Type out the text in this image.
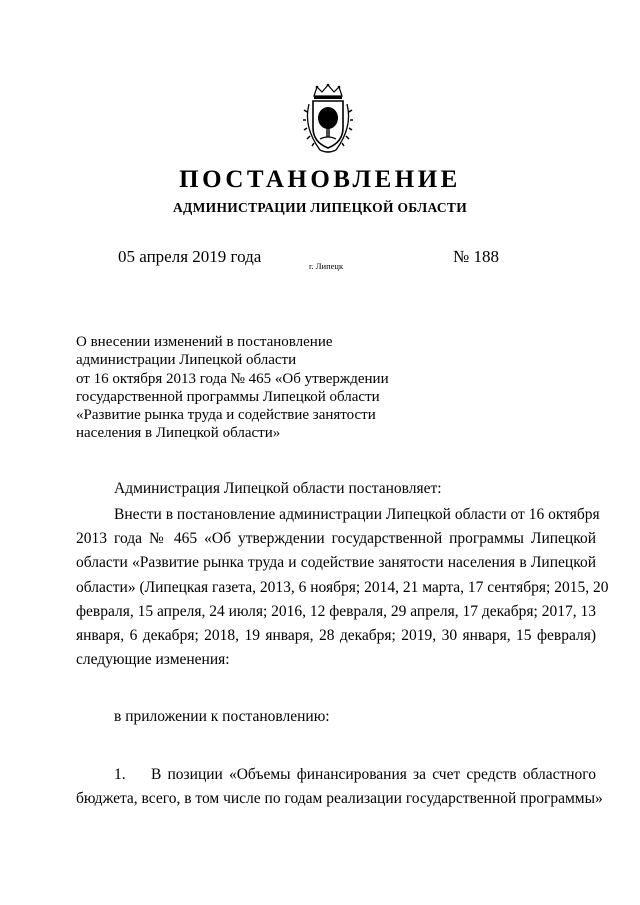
ПОСТАНОВЛЕНИЕ
АДМИНИСТРАЦИИ ЛИПЕЦКОЙ ОБЛАСТИ
05 апреля 2019 года	г. Липецк	№ 188
О внесении изменений в постановление
администрации Липецкой области
от 16 октября 2013 года № 465 «Об утверждении
государственной программы Липецкой области
«Развитие рынка труда и содействие занятости
населения в Липецкой области»
Администрация Липецкой области постановляет:
Внести в постановление администрации Липецкой области от 16 октября
2013 года № 465 «Об утверждении государственной программы Липецкой
области «Развитие рынка труда и содействие занятости населения в Липецкой
области» (Липецкая газета, 2013, 6 ноября; 2014, 21 марта, 17 сентября; 2015, 20
февраля, 15 апреля, 24 июля; 2016, 12 февраля, 29 апреля, 17 декабря; 2017, 13
января, 6 декабря; 2018, 19 января, 28 декабря; 2019, 30 января, 15 февраля)
следующие изменения:
в приложении к постановлению:
1. В позиции «Объемы финансирования за счет средств областного
бюджета, всего, в том числе по годам реализации государственной программы»
